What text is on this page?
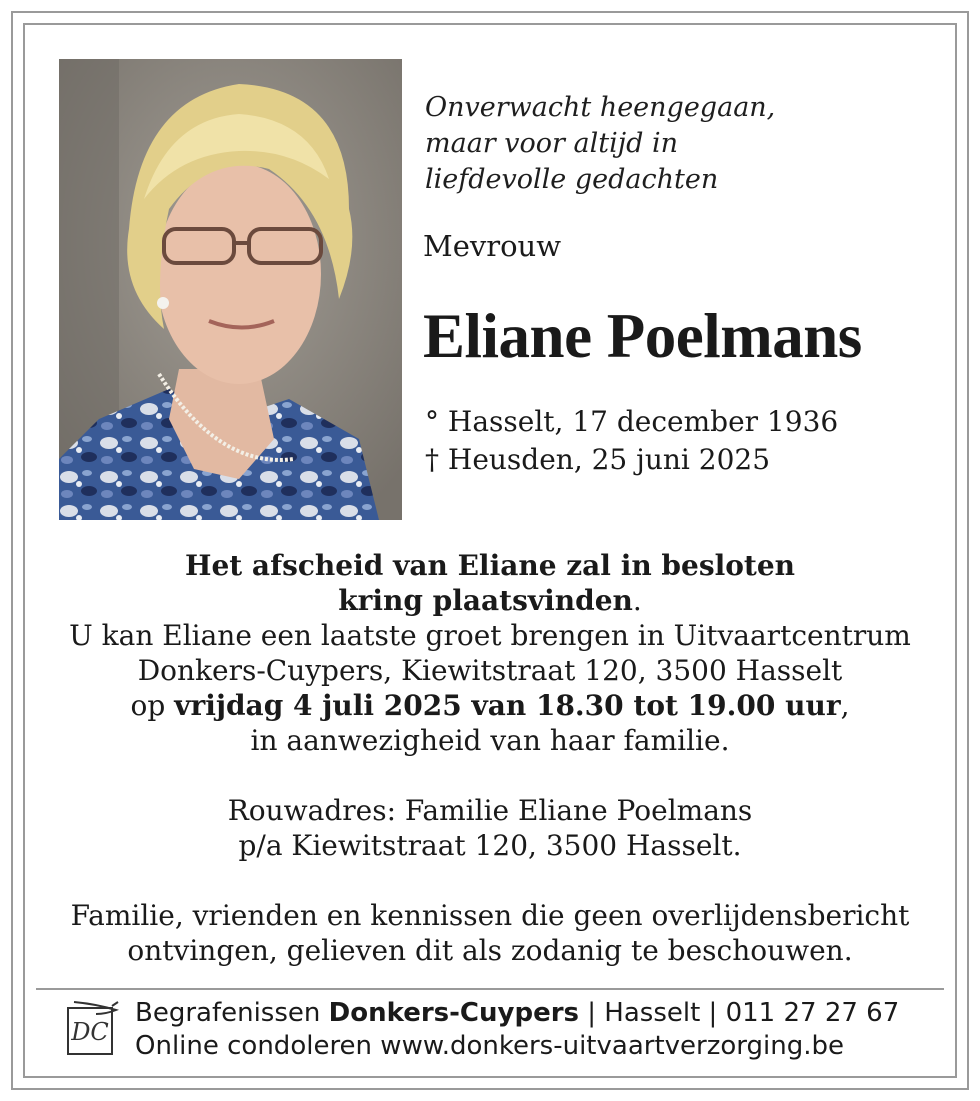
Onverwacht heengegaan,
maar voor altijd in
liefdevolle gedachten
Mevrouw
Eliane Poelmans
° Hasselt, 17 december 1936
† Heusden, 25 juni 2025
Het afscheid van Eliane zal in besloten
kring plaatsvinden.
U kan Eliane een laatste groet brengen in Uitvaartcentrum
Donkers-Cuypers, Kiewitstraat 120, 3500 Hasselt
op vrijdag 4 juli 2025 van 18.30 tot 19.00 uur,
in aanwezigheid van haar familie.
Rouwadres: Familie Eliane Poelmans
p/a Kiewitstraat 120, 3500 Hasselt.
Familie, vrienden en kennissen die geen overlijdensbericht
ontvingen, gelieven dit als zodanig te beschouwen.
DC
Begrafenissen Donkers-Cuypers | Hasselt | 011 27 27 67
Online condoleren www.donkers-uitvaartverzorging.be
